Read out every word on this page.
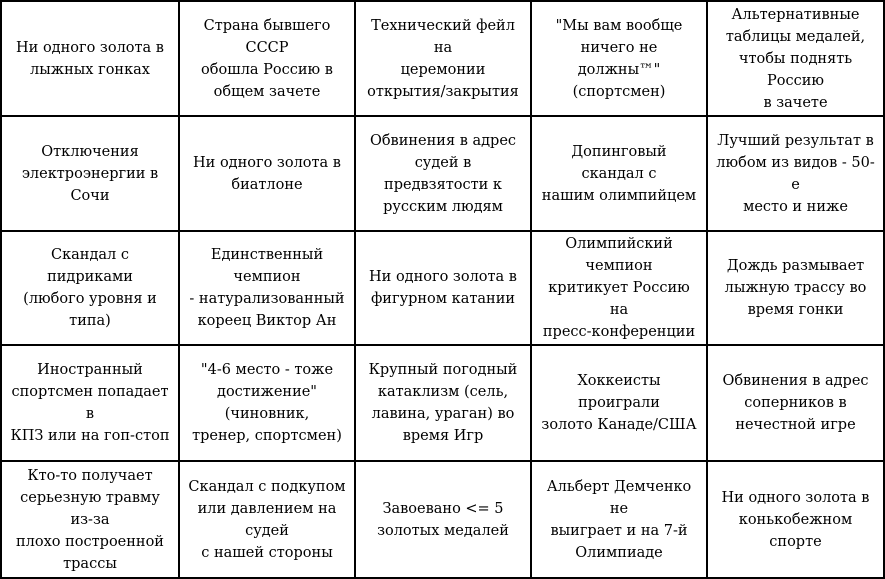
Ни одного золота в
лыжных гонках
Страна бывшего СССР
обошла Россию в
общем зачете
Технический фейл на
церемонии
открытия/закрытия
"Мы вам вообще
ничего не должны™"
(спортсмен)
Альтернативные
таблицы медалей,
чтобы поднять Россию
в зачете
Отключения
электроэнергии в Сочи
Ни одного золота в
биатлоне
Обвинения в адрес
судей в предвзятости к
русским людям
Допинговый скандал с
нашим олимпийцем
Лучший результат в
любом из видов - 50-е
место и ниже
Скандал с пидриками
(любого уровня и типа)
Единственный чемпион
- натурализованный
кореец Виктор Ан
Ни одного золота в
фигурном катании
Олимпийский чемпион
критикует Россию на
пресс-конференции
Дождь размывает
лыжную трассу во
время гонки
Иностранный
спортсмен попадает в
КПЗ или на гоп-стоп
"4-6 место - тоже
достижение" (чиновник,
тренер, спортсмен)
Крупный погодный
катаклизм (сель,
лавина, ураган) во
время Игр
Хоккеисты проиграли
золото Канаде/США
Обвинения в адрес
соперников в
нечестной игре
Кто-то получает
серьезную травму из-за
плохо построенной
трассы
Скандал с подкупом
или давлением на судей
с нашей стороны
Завоевано <= 5
золотых медалей
Альберт Демченко не
выиграет и на 7-й
Олимпиаде
Ни одного золота в
конькобежном спорте
